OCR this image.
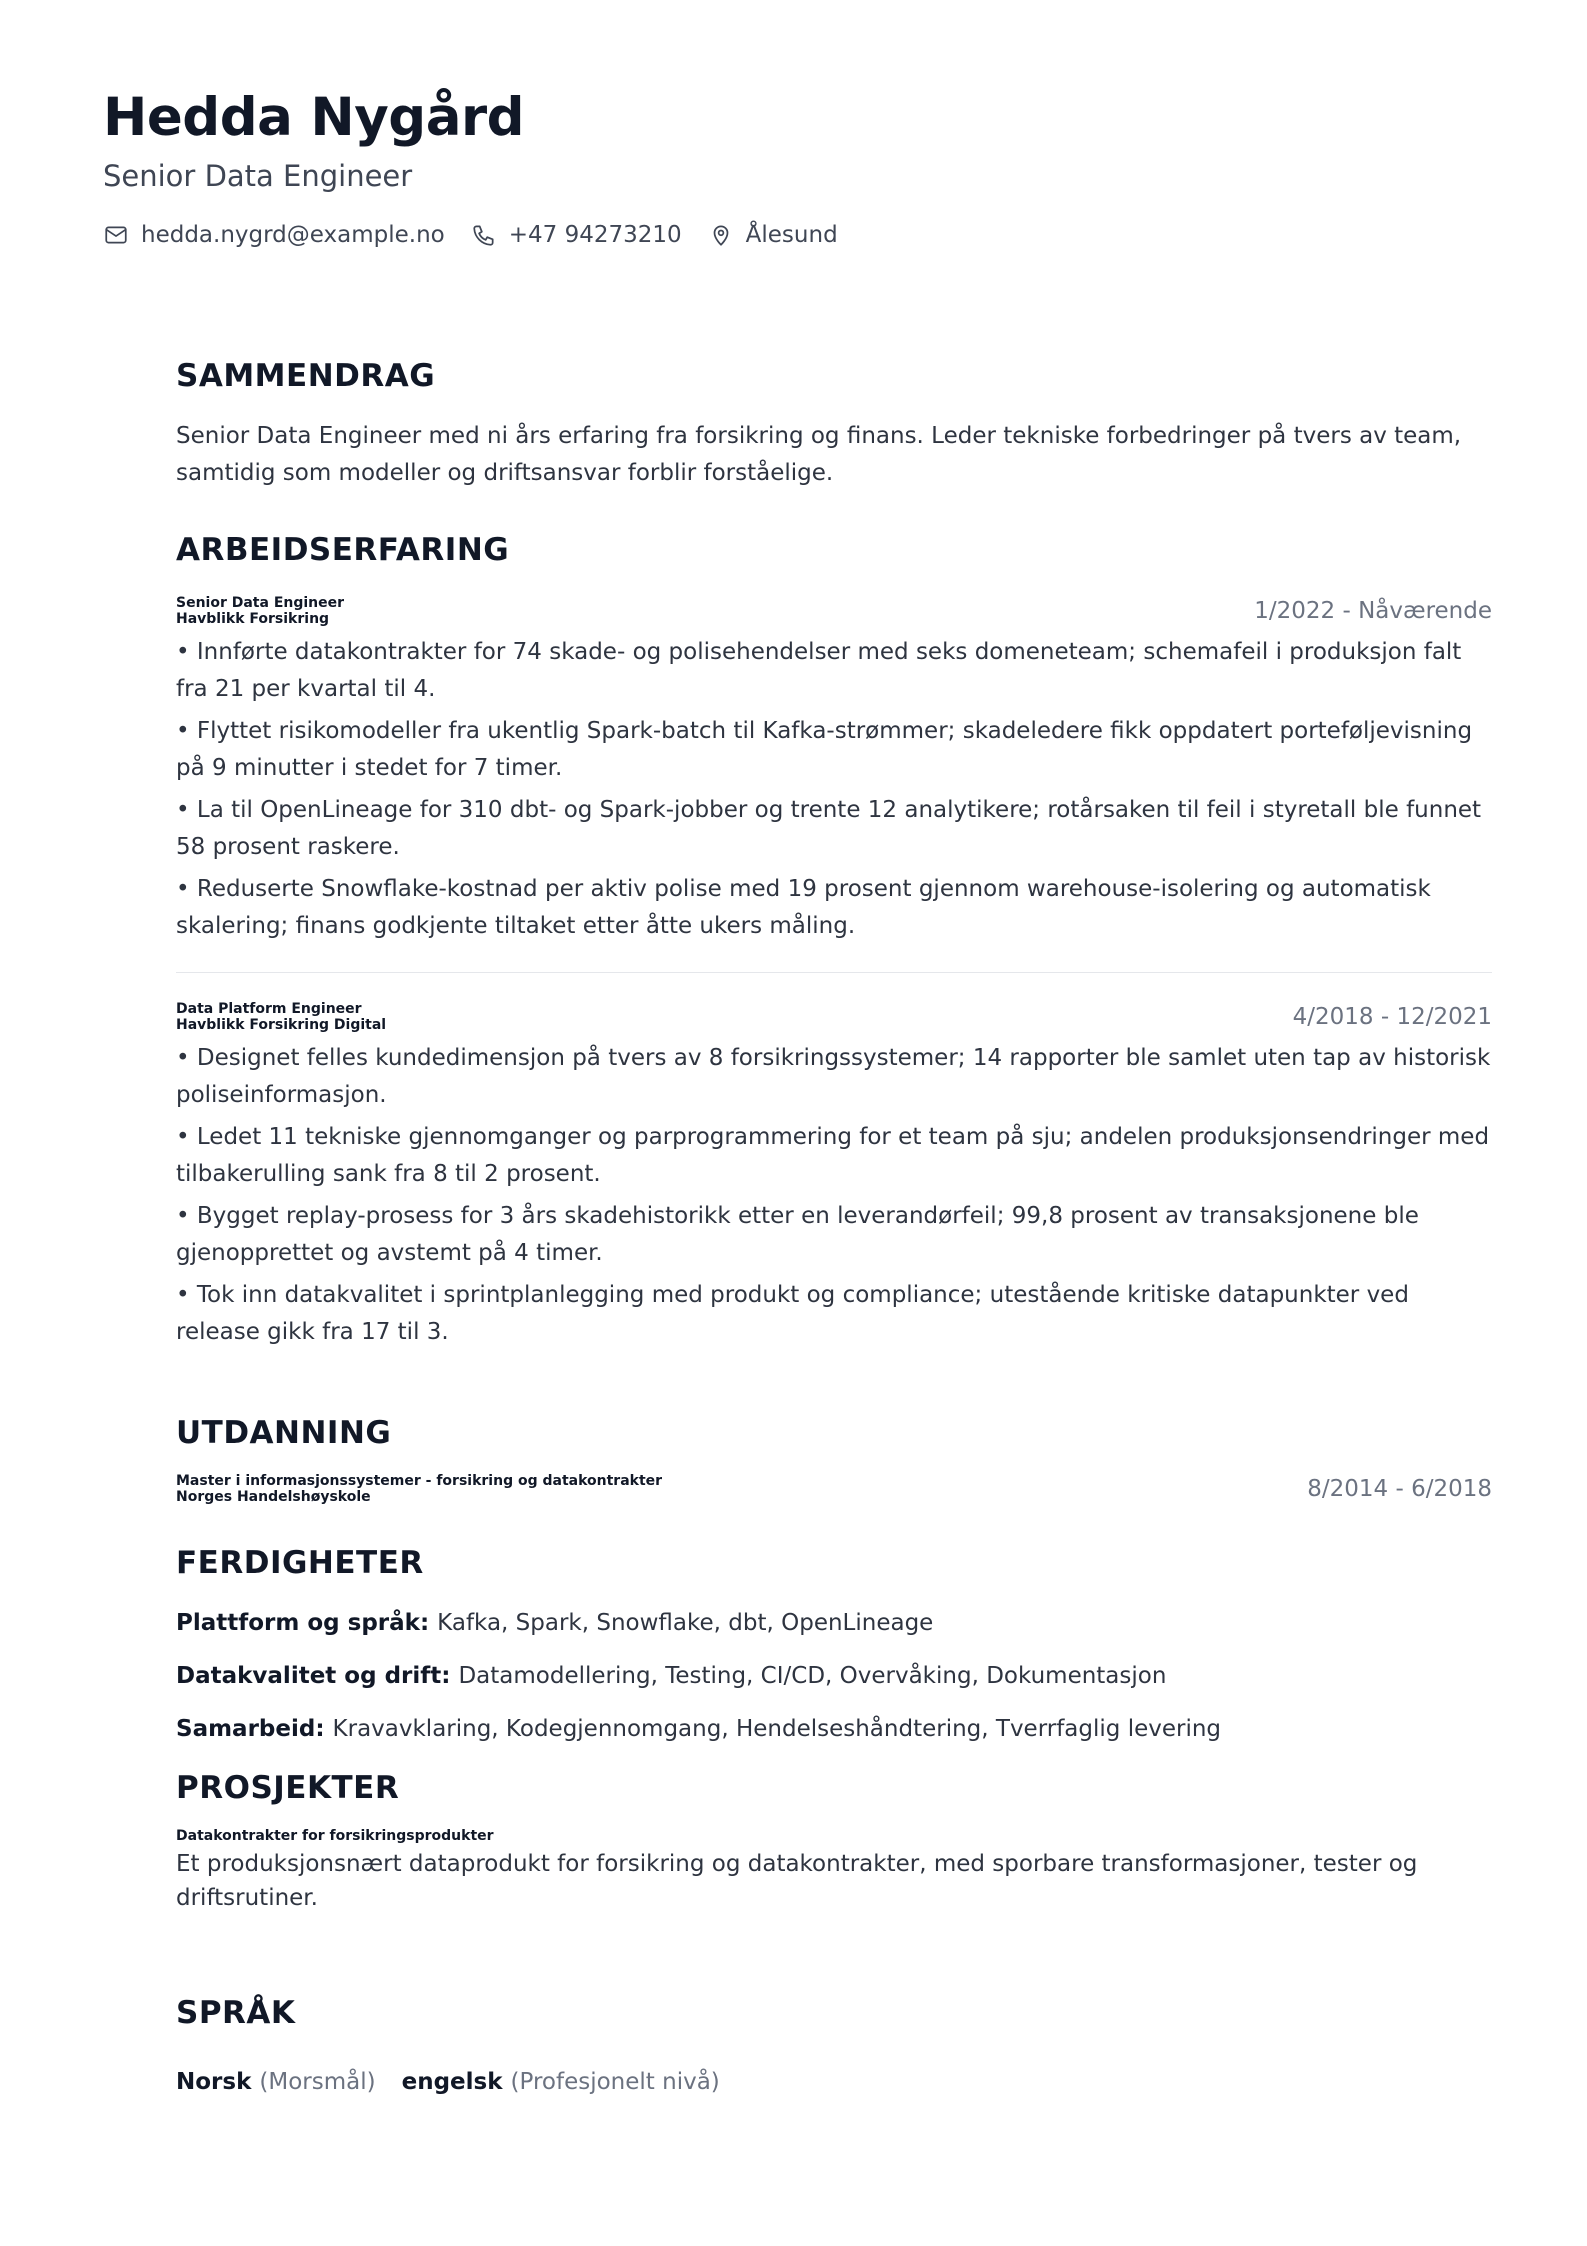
Hedda Nygård
Senior Data Engineer
hedda.nygrd@example.no	+47 94273210	Ålesund
SAMMENDRAG
Senior Data Engineer med ni års erfaring fra forsikring og finans. Leder tekniske forbedringer på tvers av team, samtidig som modeller og driftsansvar forblir forståelige.
ARBEIDSERFARING
Senior Data Engineer
Havblikk Forsikring	1/2022 - Nåværende
• Innførte datakontrakter for 74 skade- og polisehendelser med seks domeneteam; schemafeil i produksjon falt fra 21 per kvartal til 4.
• Flyttet risikomodeller fra ukentlig Spark-batch til Kafka-strømmer; skadeledere fikk oppdatert porteføljevisning på 9 minutter i stedet for 7 timer.
• La til OpenLineage for 310 dbt- og Spark-jobber og trente 12 analytikere; rotårsaken til feil i styretall ble funnet 58 prosent raskere.
• Reduserte Snowflake-kostnad per aktiv polise med 19 prosent gjennom warehouse-isolering og automatisk skalering; finans godkjente tiltaket etter åtte ukers måling.
Data Platform Engineer
Havblikk Forsikring Digital	4/2018 - 12/2021
• Designet felles kundedimensjon på tvers av 8 forsikringssystemer; 14 rapporter ble samlet uten tap av historisk poliseinformasjon.
• Ledet 11 tekniske gjennomganger og parprogrammering for et team på sju; andelen produksjonsendringer med tilbakerulling sank fra 8 til 2 prosent.
• Bygget replay-prosess for 3 års skadehistorikk etter en leverandørfeil; 99,8 prosent av transaksjonene ble gjenopprettet og avstemt på 4 timer.
• Tok inn datakvalitet i sprintplanlegging med produkt og compliance; utestående kritiske datapunkter ved release gikk fra 17 til 3.
UTDANNING
Master i informasjonssystemer - forsikring og datakontrakter
Norges Handelshøyskole	8/2014 - 6/2018
FERDIGHETER
Plattform og språk: Kafka, Spark, Snowflake, dbt, OpenLineage
Datakvalitet og drift: Datamodellering, Testing, CI/CD, Overvåking, Dokumentasjon
Samarbeid: Kravavklaring, Kodegjennomgang, Hendelseshåndtering, Tverrfaglig levering
PROSJEKTER
Datakontrakter for forsikringsprodukter
Et produksjonsnært dataprodukt for forsikring og datakontrakter, med sporbare transformasjoner, tester og driftsrutiner.
SPRÅK
Norsk (Morsmål) engelsk (Profesjonelt nivå)
